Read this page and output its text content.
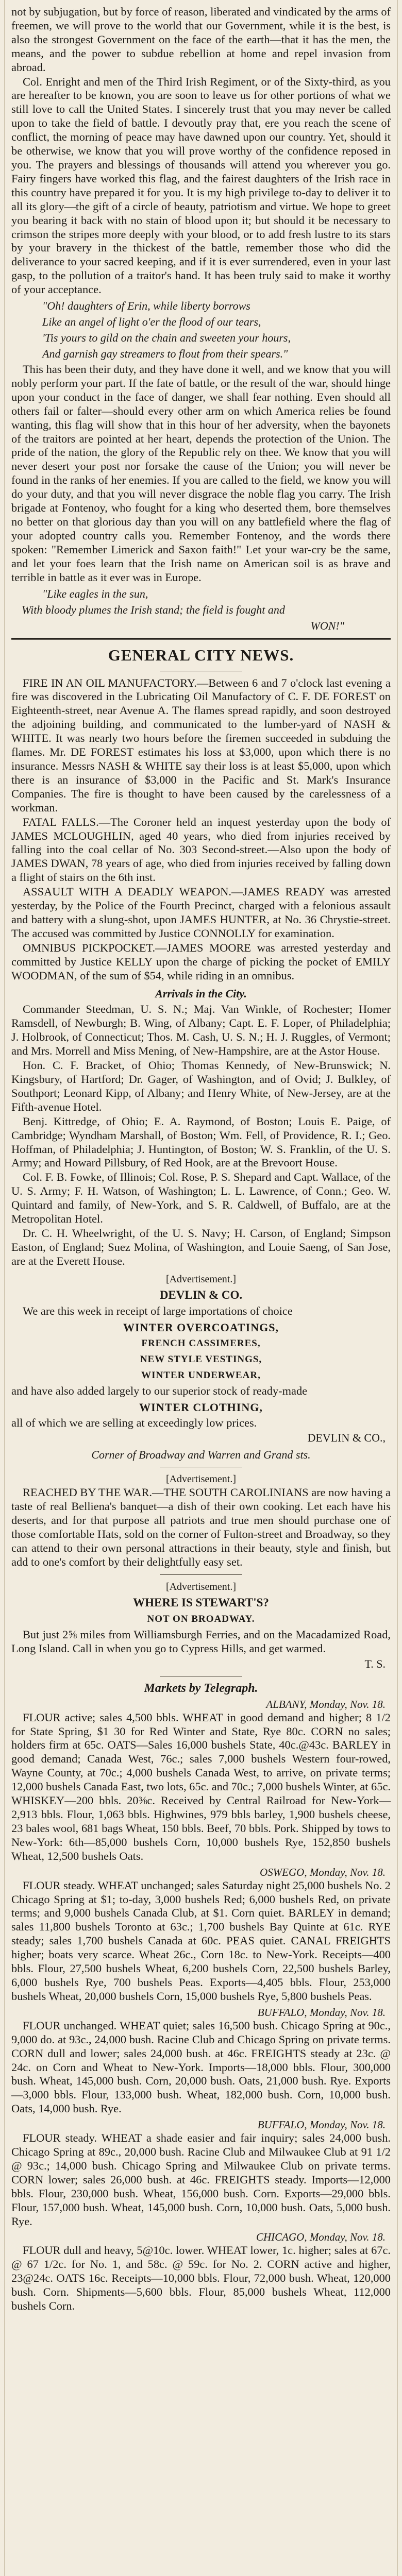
not by subjugation, but by force of reason, liberated and vindicated by the arms of freemen, we will prove to the world that our Government, while it is the best, is also the strongest Government on the face of the earth—that it has the men, the means, and the power to subdue rebellion at home and repel invasion from abroad.

Col. Enright and men of the Third Irish Regiment, or of the Sixty-third, as you are hereafter to be known, you are soon to leave us for other portions of what we still love to call the United States. I sincerely trust that you may never be called upon to take the field of battle. I devoutly pray that, ere you reach the scene of conflict, the morning of peace may have dawned upon our country. Yet, should it be otherwise, we know that you will prove worthy of the confidence reposed in you. The prayers and blessings of thousands will attend you wherever you go. Fairy fingers have worked this flag, and the fairest daughters of the Irish race in this country have prepared it for you. It is my high privilege to-day to deliver it to all its glory—the gift of a circle of beauty, patriotism and virtue. We hope to greet you bearing it back with no stain of blood upon it; but should it be necessary to crimson the stripes more deeply with your blood, or to add fresh lustre to its stars by your bravery in the thickest of the battle, remember those who did the deliverance to your sacred keeping, and if it is ever surrendered, even in your last gasp, to the pollution of a traitor's hand. It has been truly said to make it worthy of your acceptance.

"Oh! daughters of Erin, while liberty borrows
Like an angel of light o'er the flood of our tears,
'Tis yours to gild on the chain and sweeten your hours,
And garnish gay streamers to flout from their spears."

This has been their duty, and they have done it well, and we know that you will nobly perform your part. If the fate of battle, or the result of the war, should hinge upon your conduct in the face of danger, we shall fear nothing. Even should all others fail or falter—should every other arm on which America relies be found wanting, this flag will show that in this hour of her adversity, when the bayonets of the traitors are pointed at her heart, depends the protection of the Union. The pride of the nation, the glory of the Republic rely on thee. We know that you will never desert your post nor forsake the cause of the Union; you will never be found in the ranks of her enemies. If you are called to the field, we know you will do your duty, and that you will never disgrace the noble flag you carry. The Irish brigade at Fontenoy, who fought for a king who deserted them, bore themselves no better on that glorious day than you will on any battlefield where the flag of your adopted country calls you. Remember Fontenoy, and the words there spoken: "Remember Limerick and Saxon faith!" Let your war-cry be the same, and let your foes learn that the Irish name on American soil is as brave and terrible in battle as it ever was in Europe.

"Like eagles in the sun,
With bloody plumes the Irish stand; the field is fought and
WON!"
GENERAL CITY NEWS.

FIRE IN AN OIL MANUFACTORY.—Between 6 and 7 o'clock last evening a fire was discovered in the Lubricating Oil Manufactory of C. F. DE FOREST on Eighteenth-street, near Avenue A. The flames spread rapidly, and soon destroyed the adjoining building, and communicated to the lumber-yard of NASH & WHITE. It was nearly two hours before the firemen succeeded in subduing the flames. Mr. DE FOREST estimates his loss at $3,000, upon which there is no insurance. Messrs NASH & WHITE say their loss is at least $5,000, upon which there is an insurance of $3,000 in the Pacific and St. Mark's Insurance Companies. The fire is thought to have been caused by the carelessness of a workman.

FATAL FALLS.—The Coroner held an inquest yesterday upon the body of JAMES MCLOUGHLIN, aged 40 years, who died from injuries received by falling into the coal cellar of No. 303 Second-street.—Also upon the body of JAMES DWAN, 78 years of age, who died from injuries received by falling down a flight of stairs on the 6th inst.

ASSAULT WITH A DEADLY WEAPON.—JAMES READY was arrested yesterday, by the Police of the Fourth Precinct, charged with a felonious assault and battery with a slung-shot, upon JAMES HUNTER, at No. 36 Chrystie-street. The accused was committed by Justice CONNOLLY for examination.

OMNIBUS PICKPOCKET.—JAMES MOORE was arrested yesterday and committed by Justice KELLY upon the charge of picking the pocket of EMILY WOODMAN, of the sum of $54, while riding in an omnibus.

Arrivals in the City.

Commander Steedman, U. S. N.; Maj. Van Winkle, of Rochester; Homer Ramsdell, of Newburgh; B. Wing, of Albany; Capt. E. F. Loper, of Philadelphia; J. Holbrook, of Connecticut; Thos. M. Cash, U. S. N.; H. J. Ruggles, of Vermont; and Mrs. Morrell and Miss Mening, of New-Hampshire, are at the Astor House.

Hon. C. F. Bracket, of Ohio; Thomas Kennedy, of New-Brunswick; N. Kingsbury, of Hartford; Dr. Gager, of Washington, and of Ovid; J. Bulkley, of Southport; Leonard Kipp, of Albany; and Henry White, of New-Jersey, are at the Fifth-avenue Hotel.

Benj. Kittredge, of Ohio; E. A. Raymond, of Boston; Louis E. Paige, of Cambridge; Wyndham Marshall, of Boston; Wm. Fell, of Providence, R. I.; Geo. Hoffman, of Philadelphia; J. Huntington, of Boston; W. S. Franklin, of the U. S. Army; and Howard Pillsbury, of Red Hook, are at the Brevoort House.

Col. F. B. Fowke, of Illinois; Col. Rose, P. S. Shepard and Capt. Wallace, of the U. S. Army; F. H. Watson, of Washington; L. L. Lawrence, of Conn.; Geo. W. Quintard and family, of New-York, and S. R. Caldwell, of Buffalo, are at the Metropolitan Hotel.

Dr. C. H. Wheelwright, of the U. S. Navy; H. Carson, of England; Simpson Easton, of England; Suez Molina, of Washington, and Louie Saeng, of San Jose, are at the Everett House.

[Advertisement.]
DEVLIN & CO.

We are this week in receipt of large importations of choice

WINTER OVERCOATINGS,
FRENCH CASSIMERES,
NEW STYLE VESTINGS,
WINTER UNDERWEAR,

and have also added largely to our superior stock of ready-made

WINTER CLOTHING,

all of which we are selling at exceedingly low prices.

DEVLIN & CO.,
Corner of Broadway and Warren and Grand sts.
[Advertisement.]

REACHED BY THE WAR.—THE SOUTH CAROLINIANS are now having a taste of real Belliena's banquet—a dish of their own cooking. Let each have his deserts, and for that purpose all patriots and true men should purchase one of those comfortable Hats, sold on the corner of Fulton-street and Broadway, so they can attend to their own personal attractions in their beauty, style and finish, but add to one's comfort by their delightfully easy set.

[Advertisement.]
WHERE IS STEWART'S?
NOT ON BROADWAY.

But just 2⅝ miles from Williamsburgh Ferries, and on the Macadamized Road, Long Island. Call in when you go to Cypress Hills, and get warmed.

T. S.
Markets by Telegraph.
ALBANY, Monday, Nov. 18.

FLOUR active; sales 4,500 bbls. WHEAT in good demand and higher; 8 1/2 for State Spring, $1 30 for Red Winter and State, Rye 80c. CORN no sales; holders firm at 65c. OATS—Sales 16,000 bushels State, 40c.@43c. BARLEY in good demand; Canada West, 76c.; sales 7,000 bushels Western four-rowed, Wayne County, at 70c.; 4,000 bushels Canada West, to arrive, on private terms; 12,000 bushels Canada East, two lots, 65c. and 70c.; 7,000 bushels Winter, at 65c. WHISKEY—200 bbls. 20⅜c. Received by Central Railroad for New-York—2,913 bbls. Flour, 1,063 bbls. Highwines, 979 bbls barley, 1,900 bushels cheese, 23 bales wool, 681 bags Wheat, 150 bbls. Beef, 70 bbls. Pork. Shipped by tows to New-York: 6th—85,000 bushels Corn, 10,000 bushels Rye, 152,850 bushels Wheat, 12,500 bushels Oats.

OSWEGO, Monday, Nov. 18.

FLOUR steady. WHEAT unchanged; sales Saturday night 25,000 bushels No. 2 Chicago Spring at $1; to-day, 3,000 bushels Red; 6,000 bushels Red, on private terms; and 9,000 bushels Canada Club, at $1. Corn quiet. BARLEY in demand; sales 11,800 bushels Toronto at 63c.; 1,700 bushels Bay Quinte at 61c. RYE steady; sales 1,700 bushels Canada at 60c. PEAS quiet. CANAL FREIGHTS higher; boats very scarce. Wheat 26c., Corn 18c. to New-York. Receipts—400 bbls. Flour, 27,500 bushels Wheat, 6,200 bushels Corn, 22,500 bushels Barley, 6,000 bushels Rye, 700 bushels Peas. Exports—4,405 bbls. Flour, 253,000 bushels Wheat, 20,000 bushels Corn, 15,000 bushels Rye, 5,800 bushels Peas.

BUFFALO, Monday, Nov. 18.

FLOUR unchanged. WHEAT quiet; sales 16,500 bush. Chicago Spring at 90c., 9,000 do. at 93c., 24,000 bush. Racine Club and Chicago Spring on private terms. CORN dull and lower; sales 24,000 bush. at 46c. FREIGHTS steady at 23c. @ 24c. on Corn and Wheat to New-York. Imports—18,000 bbls. Flour, 300,000 bush. Wheat, 145,000 bush. Corn, 20,000 bush. Oats, 21,000 bush. Rye. Exports—3,000 bbls. Flour, 133,000 bush. Wheat, 182,000 bush. Corn, 10,000 bush. Oats, 14,000 bush. Rye.

BUFFALO, Monday, Nov. 18.

FLOUR steady. WHEAT a shade easier and fair inquiry; sales 24,000 bush. Chicago Spring at 89c., 20,000 bush. Racine Club and Milwaukee Club at 91 1/2 @ 93c.; 14,000 bush. Chicago Spring and Milwaukee Club on private terms. CORN lower; sales 26,000 bush. at 46c. FREIGHTS steady. Imports—12,000 bbls. Flour, 230,000 bush. Wheat, 156,000 bush. Corn. Exports—29,000 bbls. Flour, 157,000 bush. Wheat, 145,000 bush. Corn, 10,000 bush. Oats, 5,000 bush. Rye.

CHICAGO, Monday, Nov. 18.

FLOUR dull and heavy, 5@10c. lower. WHEAT lower, 1c. higher; sales at 67c. @ 67 1/2c. for No. 1, and 58c. @ 59c. for No. 2. CORN active and higher, 23@24c. OATS 16c. Receipts—10,000 bbls. Flour, 72,000 bush. Wheat, 120,000 bush. Corn. Shipments—5,600 bbls. Flour, 85,000 bushels Wheat, 112,000 bushels Corn.
